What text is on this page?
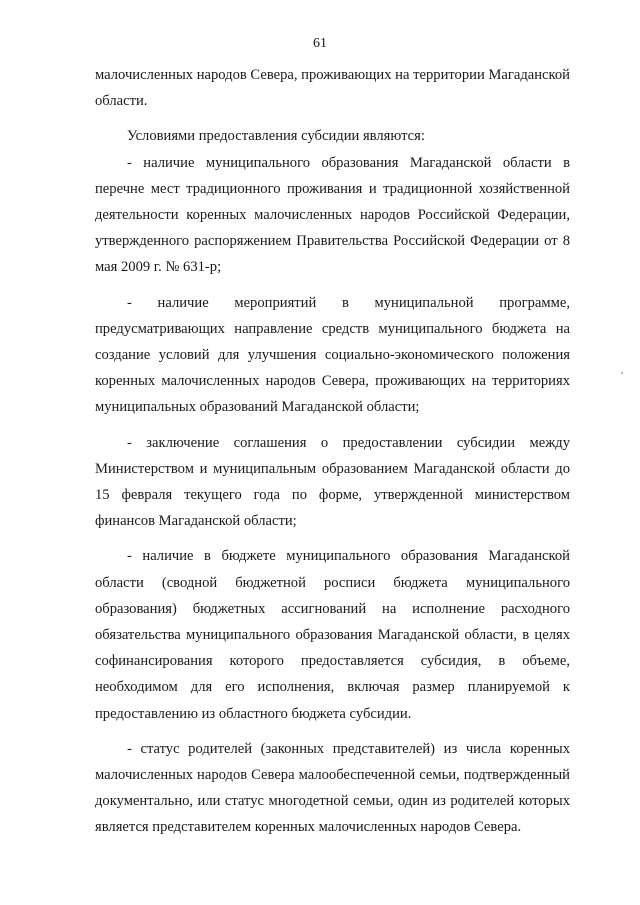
61

малочисленных народов Севера, проживающих на территории Магаданской области.

Условиями предоставления субсидии являются:

- наличие муниципального образования Магаданской области в перечне мест традиционного проживания и традиционной хозяйственной деятельности коренных малочисленных народов Российской Федерации, утвержденного распоряжением Правительства Российской Федерации от 8 мая 2009 г. № 631-р;

- наличие мероприятий в муниципальной программе, предусматривающих направление средств муниципального бюджета на создание условий для улучшения социально-экономического положения коренных малочисленных народов Севера, проживающих на территориях муниципальных образований Магаданской области;

- заключение соглашения о предоставлении субсидии между Министерством и муниципальным образованием Магаданской области до 15 февраля текущего года по форме, утвержденной министерством финансов Магаданской области;

- наличие в бюджете муниципального образования Магаданской области (сводной бюджетной росписи бюджета муниципального образования) бюджетных ассигнований на исполнение расходного обязательства муниципального образования Магаданской области, в целях софинансирования которого предоставляется субсидия, в объеме, необходимом для его исполнения, включая размер планируемой к предоставлению из областного бюджета субсидии.

- статус родителей (законных представителей) из числа коренных малочисленных народов Севера малообеспеченной семьи, подтвержденный документально, или статус многодетной семьи, один из родителей которых является представителем коренных малочисленных народов Севера.
